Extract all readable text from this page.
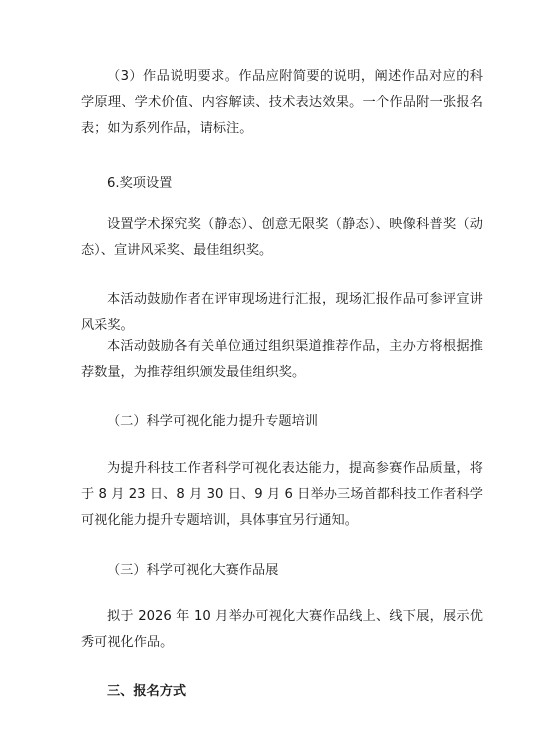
（3）作品说明要求。作品应附简要的说明，阐述作品对应的科学原理、学术价值、内容解读、技术表达效果。一个作品附一张报名表；如为系列作品，请标注。

6.奖项设置

设置学术探究奖（静态）、创意无限奖（静态）、映像科普奖（动态）、宣讲风采奖、最佳组织奖。

本活动鼓励作者在评审现场进行汇报，现场汇报作品可参评宣讲风采奖。

本活动鼓励各有关单位通过组织渠道推荐作品，主办方将根据推荐数量，为推荐组织颁发最佳组织奖。

（二）科学可视化能力提升专题培训

为提升科技工作者科学可视化表达能力，提高参赛作品质量，将于 8 月 23 日、8 月 30 日、9 月 6 日举办三场首都科技工作者科学可视化能力提升专题培训，具体事宜另行通知。

（三）科学可视化大赛作品展

拟于 2026 年 10 月举办可视化大赛作品线上、线下展，展示优秀可视化作品。

三、报名方式
